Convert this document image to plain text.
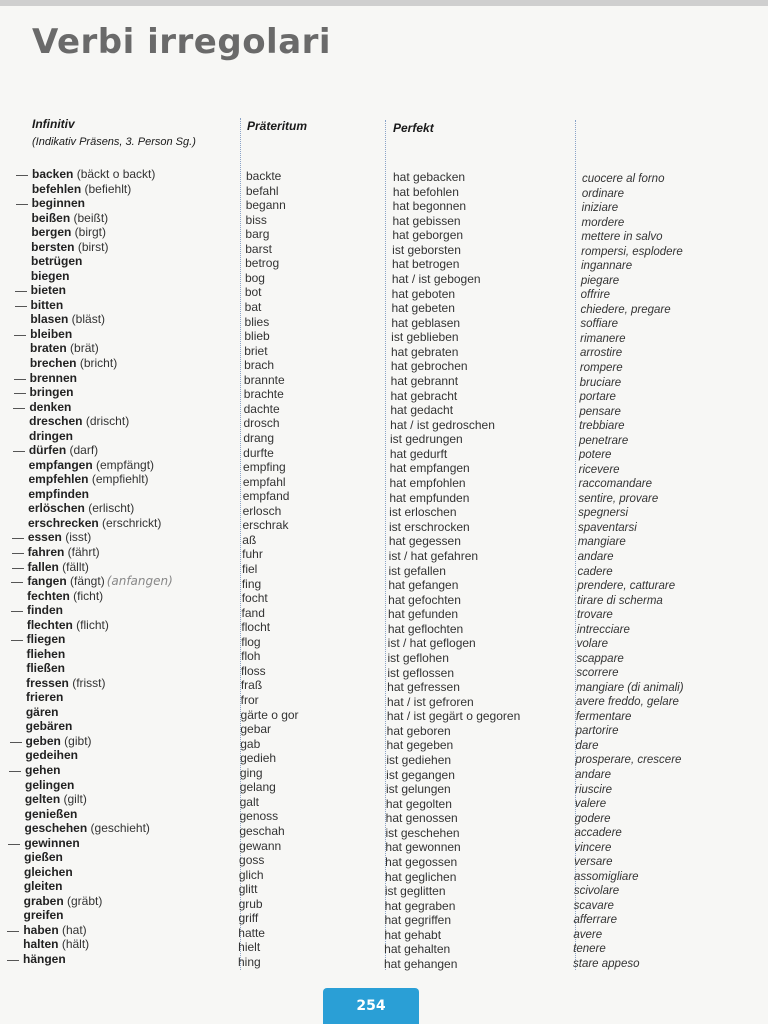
Verbi irregolari
Infinitiv
(Indikativ Präsens, 3. Person Sg.)
Präteritum	Perfekt
backen (bäckt o backt)
befehlen (befiehlt)
beginnen
beißen (beißt)
bergen (birgt)
bersten (birst)
betrügen
biegen
bieten
bitten
blasen (bläst)
bleiben
braten (brät)
brechen (bricht)
brennen
bringen
denken
dreschen (drischt)
dringen
dürfen (darf)
empfangen (empfängt)
empfehlen (empfiehlt)
empfinden
erlöschen (erlischt)
erschrecken (erschrickt)
essen (isst)
fahren (fährt)
fallen (fällt)
fangen (fängt) (anfangen)
fechten (ficht)
finden
flechten (flicht)
fliegen
fliehen
fließen
fressen (frisst)
frieren
gären
gebären
geben (gibt)
gedeihen
gehen
gelingen
gelten (gilt)
genießen
geschehen (geschieht)
gewinnen
gießen
gleichen
gleiten
graben (gräbt)
greifen
haben (hat)
halten (hält)
hängen
backte
befahl
begann
biss
barg
barst
betrog
bog
bot
bat
blies
blieb
briet
brach
brannte
brachte
dachte
drosch
drang
durfte
empfing
empfahl
empfand
erlosch
erschrak
aß
fuhr
fiel
fing
focht
fand
flocht
flog
floh
floss
fraß
fror
gärte o gor
gebar
gab
gedieh
ging
gelang
galt
genoss
geschah
gewann
goss
glich
glitt
grub
griff
hatte
hielt
hing
hat gebacken
hat befohlen
hat begonnen
hat gebissen
hat geborgen
ist geborsten
hat betrogen
hat / ist gebogen
hat geboten
hat gebeten
hat geblasen
ist geblieben
hat gebraten
hat gebrochen
hat gebrannt
hat gebracht
hat gedacht
hat / ist gedroschen
ist gedrungen
hat gedurft
hat empfangen
hat empfohlen
hat empfunden
ist erloschen
ist erschrocken
hat gegessen
ist / hat gefahren
ist gefallen
hat gefangen
hat gefochten
hat gefunden
hat geflochten
ist / hat geflogen
ist geflohen
ist geflossen
hat gefressen
hat / ist gefroren
hat / ist gegärt o gegoren
hat geboren
hat gegeben
ist gediehen
ist gegangen
ist gelungen
hat gegolten
hat genossen
ist geschehen
hat gewonnen
hat gegossen
hat geglichen
ist geglitten
hat gegraben
hat gegriffen
hat gehabt
hat gehalten
hat gehangen
cuocere al forno
ordinare
iniziare
mordere
mettere in salvo
rompersi, esplodere
ingannare
piegare
offrire
chiedere, pregare
soffiare
rimanere
arrostire
rompere
bruciare
portare
pensare
trebbiare
penetrare
potere
ricevere
raccomandare
sentire, provare
spegnersi
spaventarsi
mangiare
andare
cadere
prendere, catturare
tirare di scherma
trovare
intrecciare
volare
scappare
scorrere
mangiare (di animali)
avere freddo, gelare
fermentare
partorire
dare
prosperare, crescere
andare
riuscire
valere
godere
accadere
vincere
versare
assomigliare
scivolare
scavare
afferrare
avere
tenere
stare appeso
254
